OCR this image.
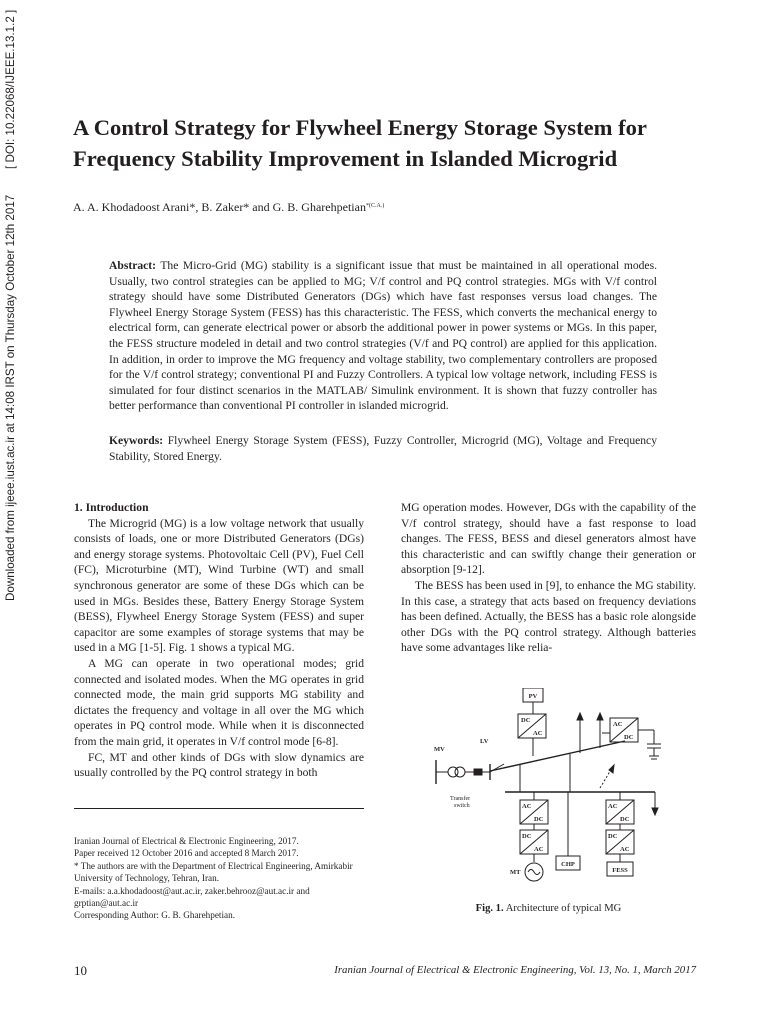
Downloaded from ijeee.iust.ac.ir at 14:08 IRST on Thursday October 12th 2017        [ DOI: 10.22068/IJEEE.13.1.2 ]	A Control Strategy for Flywheel Energy Storage System for
Frequency Stability Improvement in Islanded Microgrid
A. A. Khodadoost Arani*, B. Zaker* and G. B. Gharehpetian$^{*(C.A.)}$
Abstract: The Micro-Grid (MG) stability is a significant issue that must be maintained in all operational modes. Usually, two control strategies can be applied to MG; V/f control and PQ control strategies. MGs with V/f control strategy should have some Distributed Generators (DGs) which have fast responses versus load changes. The Flywheel Energy Storage System (FESS) has this characteristic. The FESS, which converts the mechanical energy to electrical form, can generate electrical power or absorb the additional power in power systems or MGs. In this paper, the FESS structure modeled in detail and two control strategies (V/f and PQ control) are applied for this application. In addition, in order to improve the MG frequency and voltage stability, two complementary controllers are proposed for the V/f control strategy; conventional PI and Fuzzy Controllers. A typical low voltage network, including FESS is simulated for four distinct scenarios in the MATLAB/ Simulink environment. It is shown that fuzzy controller has better performance than conventional PI controller in islanded microgrid.
Keywords: Flywheel Energy Storage System (FESS), Fuzzy Controller, Microgrid (MG), Voltage and Frequency Stability, Stored Energy.
1. Introduction

The Microgrid (MG) is a low voltage network that usually consists of loads, one or more Distributed Generators (DGs) and energy storage systems. Photovoltaic Cell (PV), Fuel Cell (FC), Microturbine (MT), Wind Turbine (WT) and small synchronous generator are some of these DGs which can be used in MGs. Besides these, Battery Energy Storage System (BESS), Flywheel Energy Storage System (FESS) and super capacitor are some examples of storage systems that may be used in a MG [1-5]. Fig. 1 shows a typical MG.

A MG can operate in two operational modes; grid connected and isolated modes. When the MG operates in grid connected mode, the main grid supports MG stability and dictates the frequency and voltage in all over the MG which operates in PQ control mode. While when it is disconnected from the main grid, it operates in V/f control mode [6-8].

FC, MT and other kinds of DGs with slow dynamics are usually controlled by the PQ control strategy in both

MG operation modes. However, DGs with the capability of the V/f control strategy, should have a fast response to load changes. The FESS, BESS and diesel generators almost have this characteristic and can swiftly change their generation or absorption [9-12].

The BESS has been used in [9], to enhance the MG stability. In this case, a strategy that acts based on frequency deviations has been defined. Actually, the BESS has a basic role alongside other DGs with the PQ control strategy. Although batteries have some advantages like relia-

Iranian Journal of Electrical & Electronic Engineering, 2017.
Paper received 12 October 2016 and accepted 8 March 2017.
* The authors are with the Department of Electrical Engineering, Amirkabir University of Technology, Tehran, Iran.
E-mails: a.a.khodadoost@aut.ac.ir, zaker.behrooz@aut.ac.ir and grptian@aut.ac.ir
Corresponding Author: G. B. Gharehpetian.
PV
DC
AC
AC
DC
LV
MV
AC
DC
DC
AC
AC
DC
DC
AC
MT
CHP
FESS
Transfer
switch
Fig. 1. Architecture of typical MG
10	Iranian Journal of Electrical & Electronic Engineering, Vol. 13, No. 1, March 2017
